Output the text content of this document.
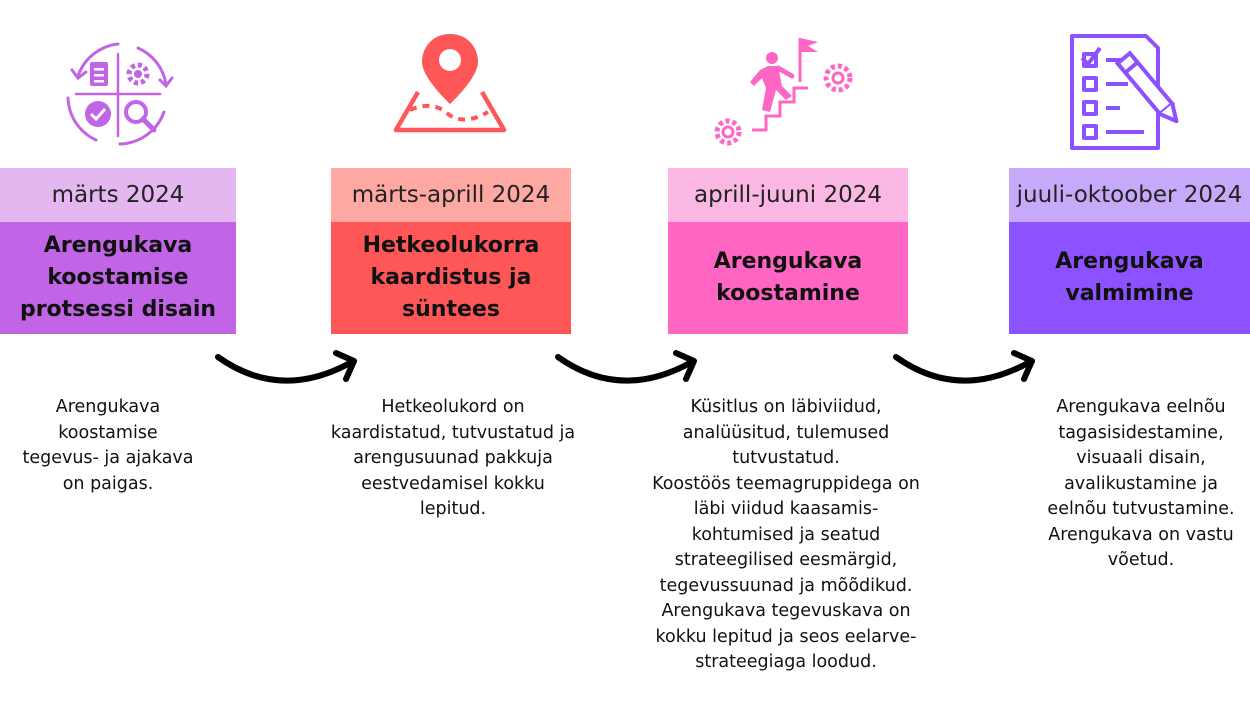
märts 2024
Arengukava
koostamise
protsessi disain
Arengukava
koostamise
tegevus- ja ajakava
on paigas.
märts-aprill 2024
Hetkeolukorra
kaardistus ja
süntees
Hetkeolukord on
kaardistatud, tutvustatud ja
arengusuunad pakkuja
eestvedamisel kokku
lepitud.
aprill-juuni 2024
Arengukava
koostamine
Küsitlus on läbiviidud,
analüüsitud, tulemused
tutvustatud.
Koostöös teemagruppidega on
läbi viidud kaasamis-
kohtumised ja seatud
strateegilised eesmärgid,
tegevussuunad ja mõõdikud.
Arengukava tegevuskava on
kokku lepitud ja seos eelarve-
strateegiaga loodud.
juuli-oktoober 2024
Arengukava
valmimine
Arengukava eelnõu
tagasisidestamine,
visuaali disain,
avalikustamine ja
eelnõu tutvustamine.
Arengukava on vastu
võetud.
